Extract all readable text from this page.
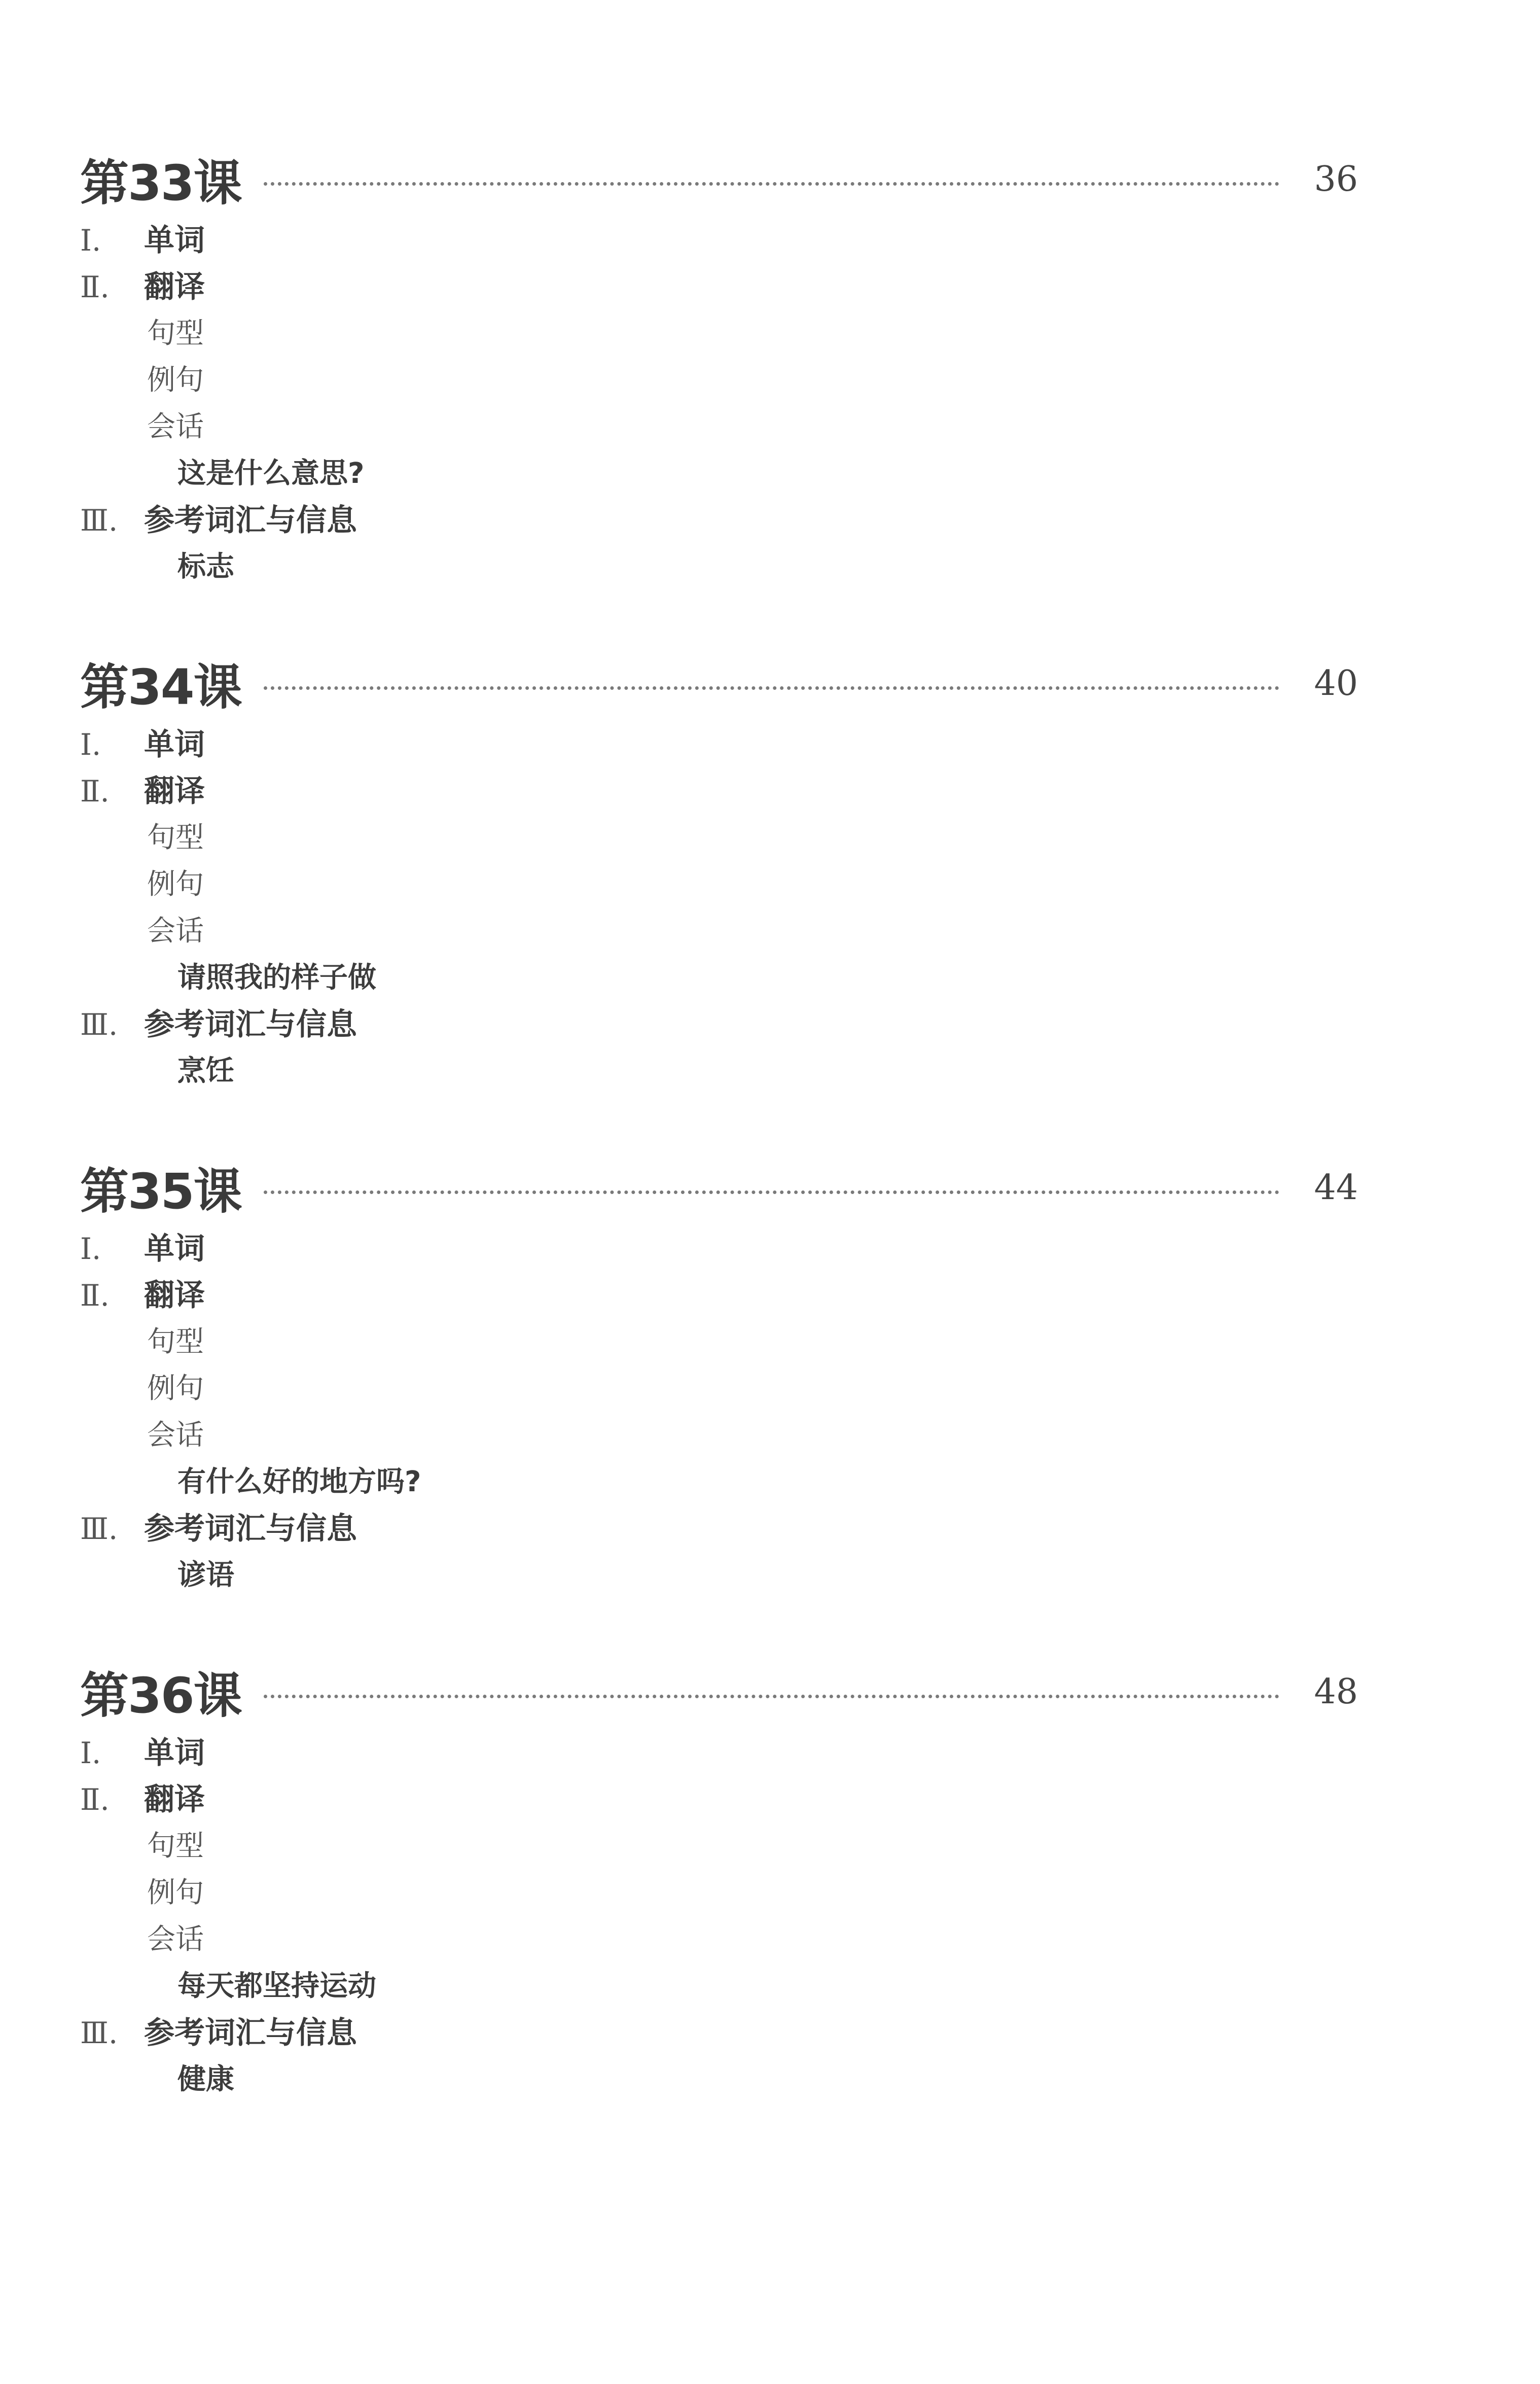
第33课	36
Ⅰ. 单词
Ⅱ. 翻译
句型
例句
会话
这是什么意思?
Ⅲ. 参考词汇与信息
标志
第34课	40
Ⅰ. 单词
Ⅱ. 翻译
句型
例句
会话
请照我的样子做
Ⅲ. 参考词汇与信息
烹饪
第35课	44
Ⅰ. 单词
Ⅱ. 翻译
句型
例句
会话
有什么好的地方吗?
Ⅲ. 参考词汇与信息
谚语
第36课	48
Ⅰ. 单词
Ⅱ. 翻译
句型
例句
会话
每天都坚持运动
Ⅲ. 参考词汇与信息
健康
